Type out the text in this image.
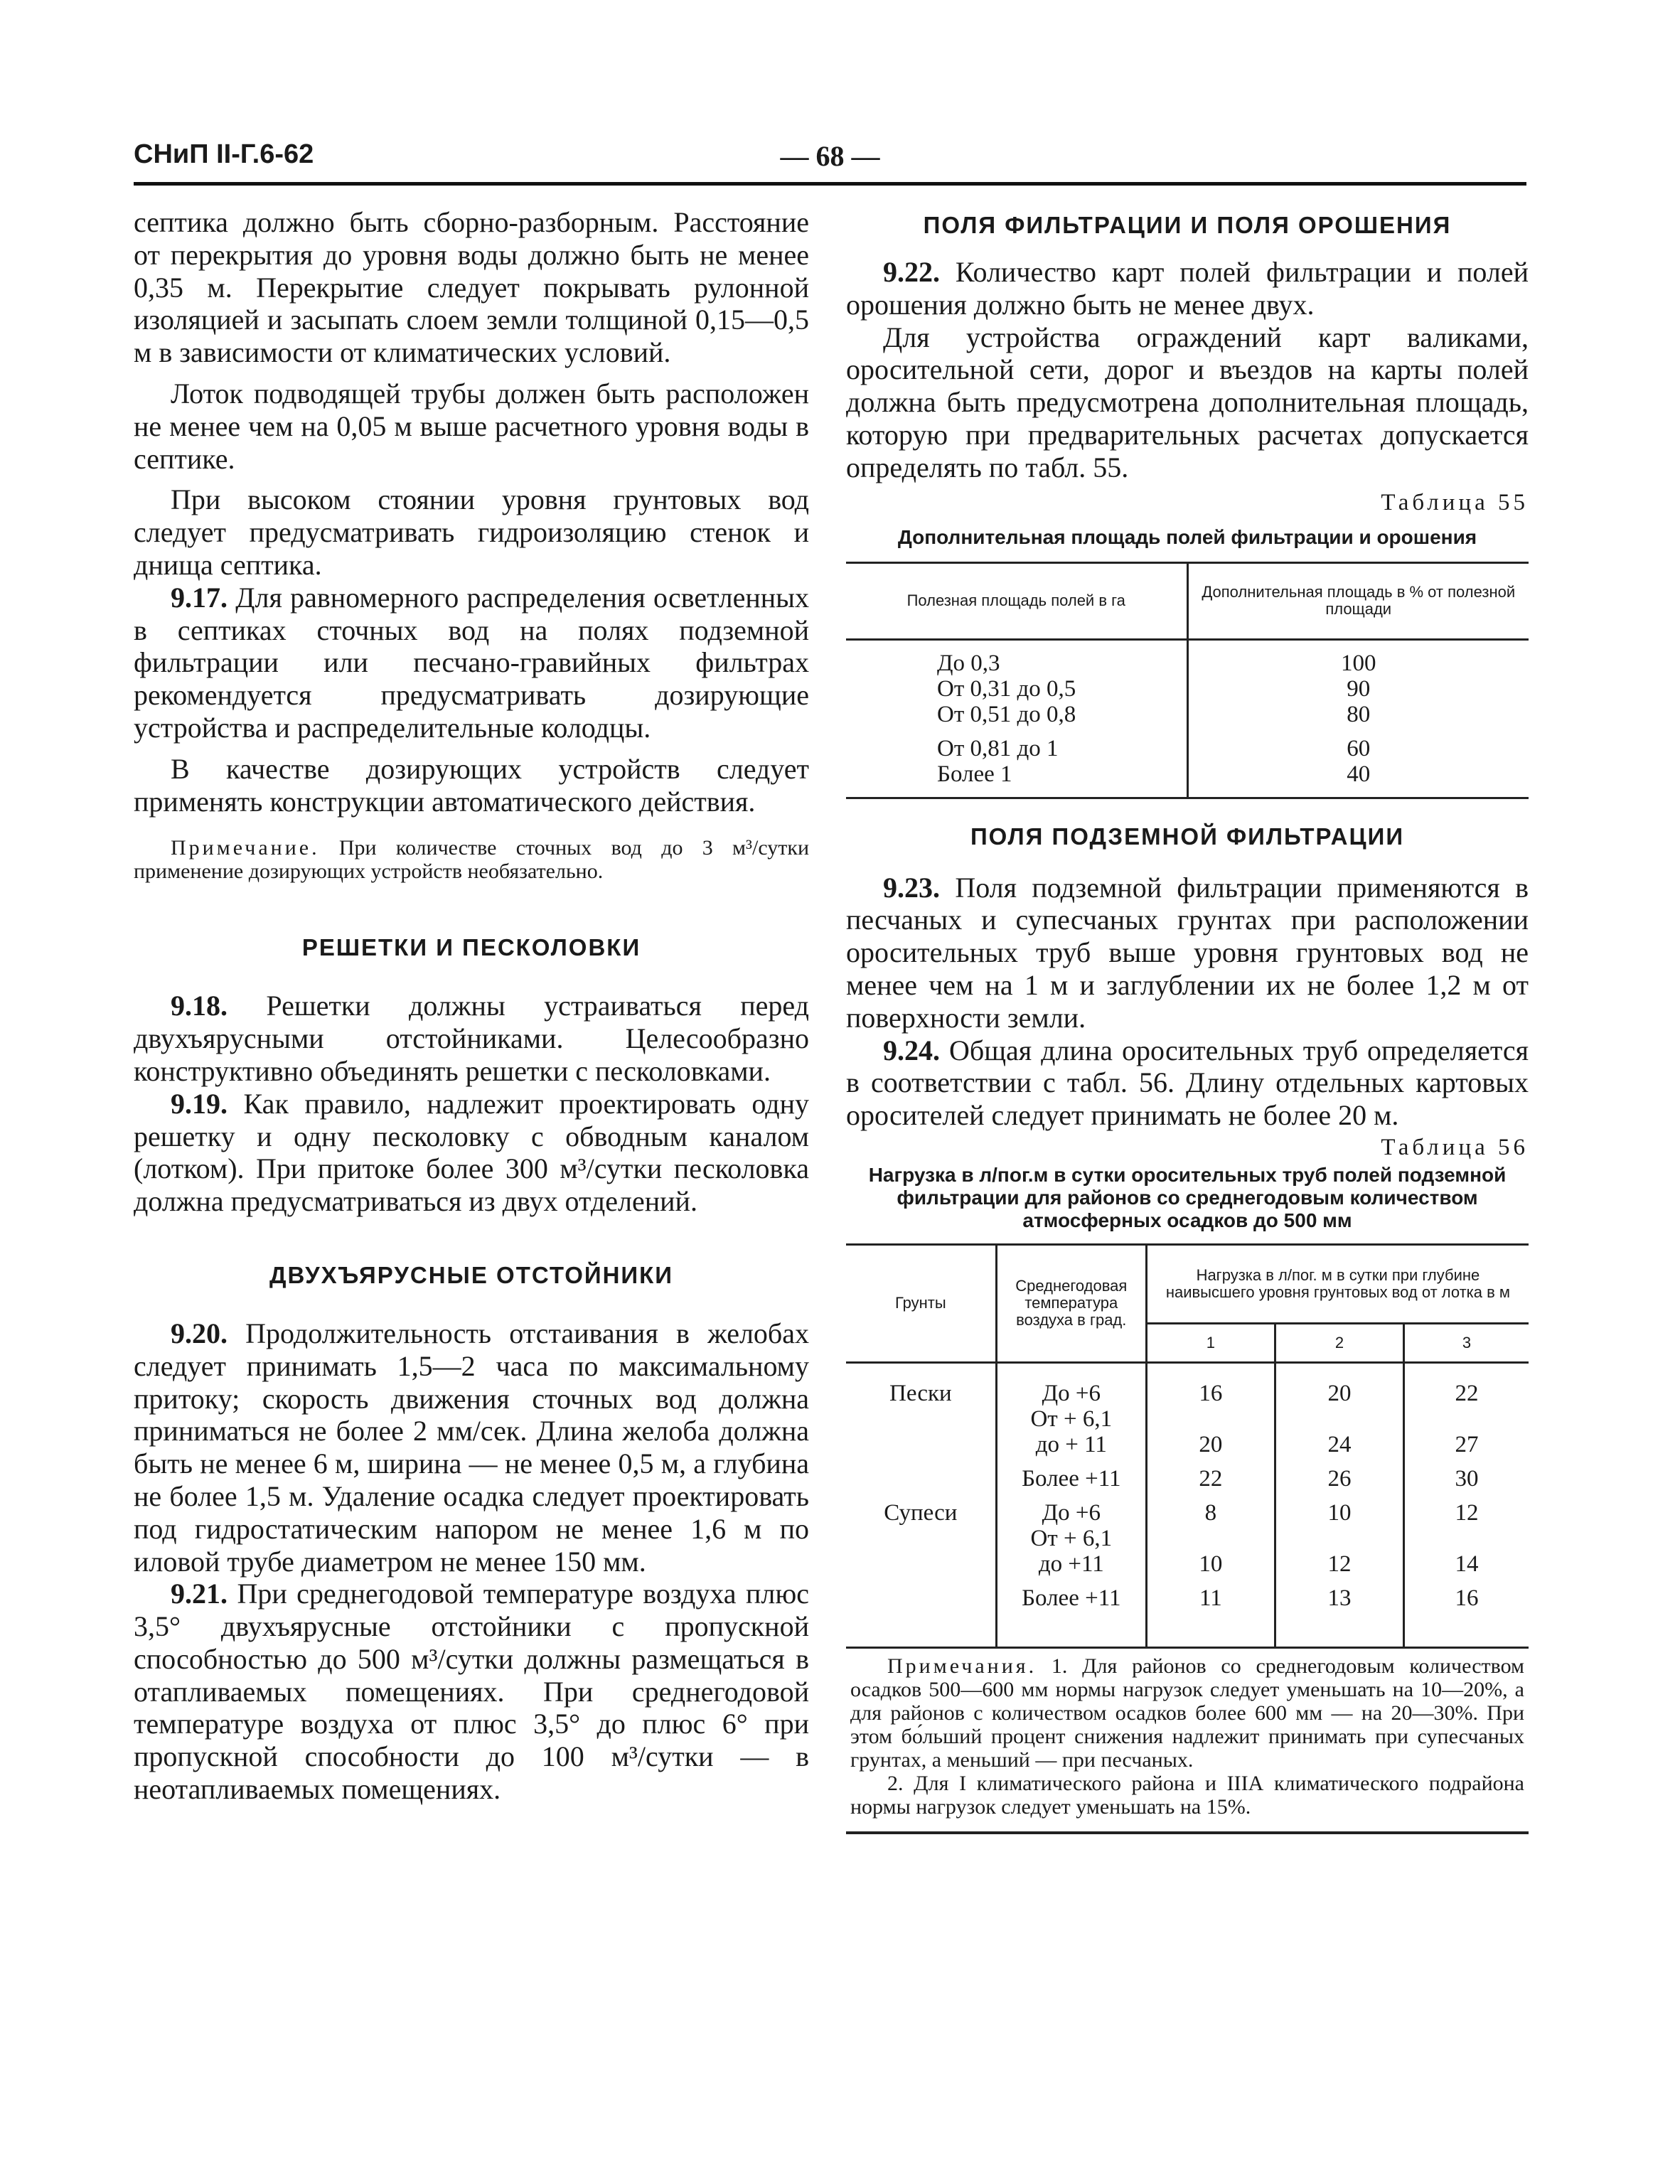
СНиП II-Г.6-62	— 68 —

септика должно быть сборно-разборным. Расстояние от перекрытия до уровня воды должно быть не менее 0,35 м. Перекрытие следует покрывать рулонной изоляцией и засыпать слоем земли толщиной 0,15—0,5 м в зависимости от климатических условий.

Лоток подводящей трубы должен быть расположен не менее чем на 0,05 м выше расчетного уровня воды в септике.

При высоком стоянии уровня грунтовых вод следует предусматривать гидроизоляцию стенок и днища септика.

9.17. Для равномерного распределения осветленных в септиках сточных вод на полях подземной фильтрации или песчано-гравийных фильтрах рекомендуется предусматривать дозирующие устройства и распределительные колодцы.

В качестве дозирующих устройств следует применять конструкции автоматического действия.

Примечание. При количестве сточных вод до 3 м³/сутки применение дозирующих устройств необязательно.

РЕШЕТКИ И ПЕСКОЛОВКИ

9.18. Решетки должны устраиваться перед двухъярусными отстойниками. Целесообразно конструктивно объединять решетки с песколовками.

9.19. Как правило, надлежит проектировать одну решетку и одну песколовку с обводным каналом (лотком). При притоке более 300 м³/сутки песколовка должна предусматриваться из двух отделений.

ДВУХЪЯРУСНЫЕ ОТСТОЙНИКИ

9.20. Продолжительность отстаивания в желобах следует принимать 1,5—2 часа по максимальному притоку; скорость движения сточных вод должна приниматься не более 2 мм/сек. Длина желоба должна быть не менее 6 м, ширина — не менее 0,5 м, а глубина не более 1,5 м. Удаление осадка следует проектировать под гидростатическим напором не менее 1,6 м по иловой трубе диаметром не менее 150 мм.

9.21. При среднегодовой температуре воздуха плюс 3,5° двухъярусные отстойники с пропускной способностью до 500 м³/сутки должны размещаться в отапливаемых помещениях. При среднегодовой температуре воздуха от плюс 3,5° до плюс 6° при пропускной способности до 100 м³/сутки — в неотапливаемых помещениях.

ПОЛЯ ФИЛЬТРАЦИИ И ПОЛЯ ОРОШЕНИЯ

9.22. Количество карт полей фильтрации и полей орошения должно быть не менее двух.

Для устройства ограждений карт валиками, оросительной сети, дорог и въездов на карты полей должна быть предусмотрена дополнительная площадь, которую при предварительных расчетах допускается определять по табл. 55.

Таблица 55

Дополнительная площадь полей фильтрации и орошения

Полезная площадь полей в га	Дополнительная площадь в % от полезной площади
До 0,3	100
От 0,31 до 0,5	90
От 0,51 до 0,8	80
От 0,81 до 1	60
Более 1	40

ПОЛЯ ПОДЗЕМНОЙ ФИЛЬТРАЦИИ

9.23. Поля подземной фильтрации применяются в песчаных и супесчаных грунтах при расположении оросительных труб выше уровня грунтовых вод не менее чем на 1 м и заглублении их не более 1,2 м от поверхности земли.

9.24. Общая длина оросительных труб определяется в соответствии с табл. 56. Длину отдельных картовых оросителей следует принимать не более 20 м.

Таблица 56

Нагрузка в л/пог.м в сутки оросительных труб полей подземной фильтрации для районов со среднегодовым количеством атмосферных осадков до 500 мм

Грунты	Среднегодовая температура воздуха в град.	Нагрузка в л/пог. м в сутки при глубине наивысшего уровня грунтовых вод от лотка в м		
		1	2	3
Пески	До +6	16	20	22
	От + 6,1			
	до + 11	20	24	27
	Более +11	22	26	30
Супеси	До +6	8	10	12
	От + 6,1			
	до +11	10	12	14
	Более +11	11	13	16

Примечания. 1. Для районов со среднегодовым количеством осадков 500—600 мм нормы нагрузок следует уменьшать на 10—20%, а для районов с количеством осадков более 600 мм — на 20—30%. При этом бо́льший процент снижения надлежит принимать при супесчаных грунтах, а меньший — при песчаных.

2. Для I климатического района и IIIА климатического подрайона нормы нагрузок следует уменьшать на 15%.				
